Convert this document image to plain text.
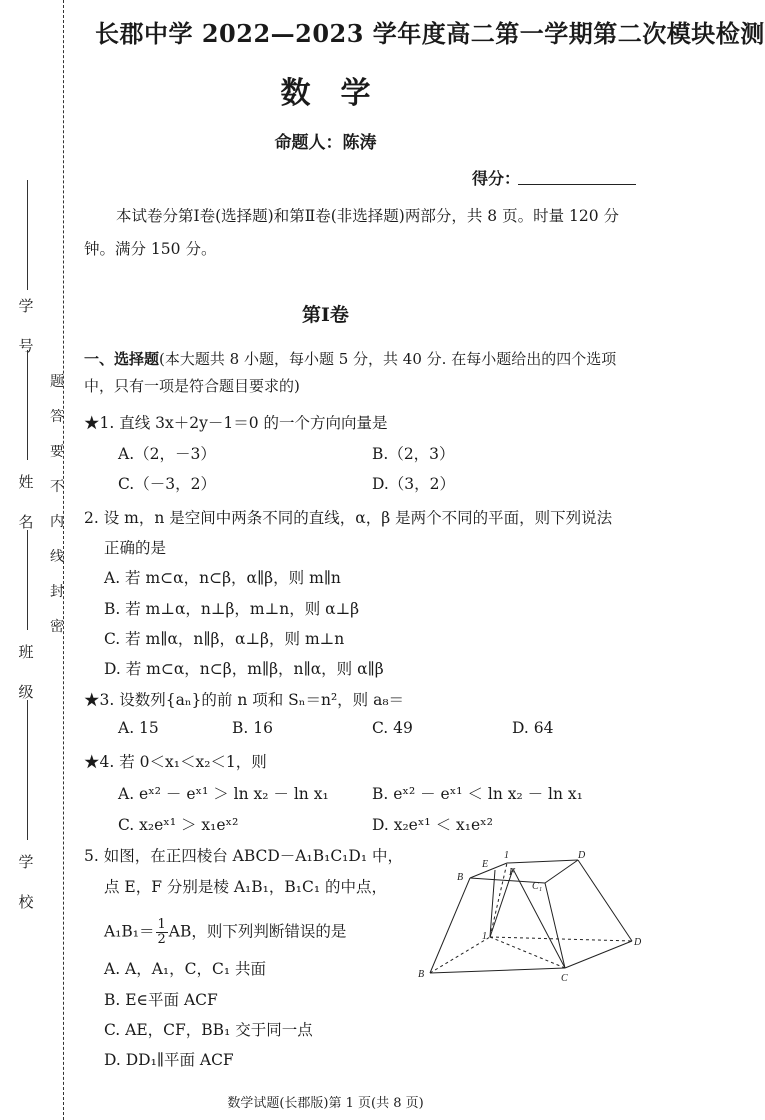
学

号
姓

名
班

级
学

校
题
答
要
不
内
线
封
密
长郡中学 2022—2023 学年度高二第一学期第二次模块检测
数　学
命题人：陈涛
得分：
本试卷分第Ⅰ卷(选择题)和第Ⅱ卷(非选择题)两部分，共 8 页。时量 120 分钟。满分 150 分。
第Ⅰ卷
一、选择题(本大题共 8 小题，每小题 5 分，共 40 分. 在每小题给出的四个选项中，只有一项是符合题目要求的)
★1. 直线 3x＋2y－1＝0 的一个方向向量是
A.（2，－3）	B.（2，3）
C.（－3，2）	D.（3，2）
2. 设 m，n 是空间中两条不同的直线，α，β 是两个不同的平面，则下列说法
正确的是
A. 若 m⊂α，n⊂β，α∥β，则 m∥n
B. 若 m⊥α，n⊥β，m⊥n，则 α⊥β
C. 若 m∥α，n∥β，α⊥β，则 m⊥n
D. 若 m⊂α，n⊂β，m∥β，n∥α，则 α∥β
★3. 设数列{aₙ}的前 n 项和 Sₙ＝n²，则 a₈＝
A. 15	B. 16	C. 49	D. 64
★4. 若 0＜x₁＜x₂＜1，则
A. eˣ² － eˣ¹ ＞ ln x₂ － ln x₁	B. eˣ² － eˣ¹ ＜ ln x₂ － ln x₁
C. x₂eˣ¹ ＞ x₁eˣ²	D. x₂eˣ¹ ＜ x₁eˣ²
5. 如图，在正四棱台 ABCD－A₁B₁C₁D₁ 中，
点 E，F 分别是棱 A₁B₁，B₁C₁ 的中点，
$A_1B_1= \frac{1}{2}$ AB，则下列判断错误的是
A. A，A₁，C，C₁ 共面
B. E∈平面 ACF
C. AE，CF，BB₁ 交于同一点
D. DD₁∥平面 ACF
B
E
1
F
D
C₁
B
1
D
C
数学试题(长郡版)第 1 页(共 8 页)
